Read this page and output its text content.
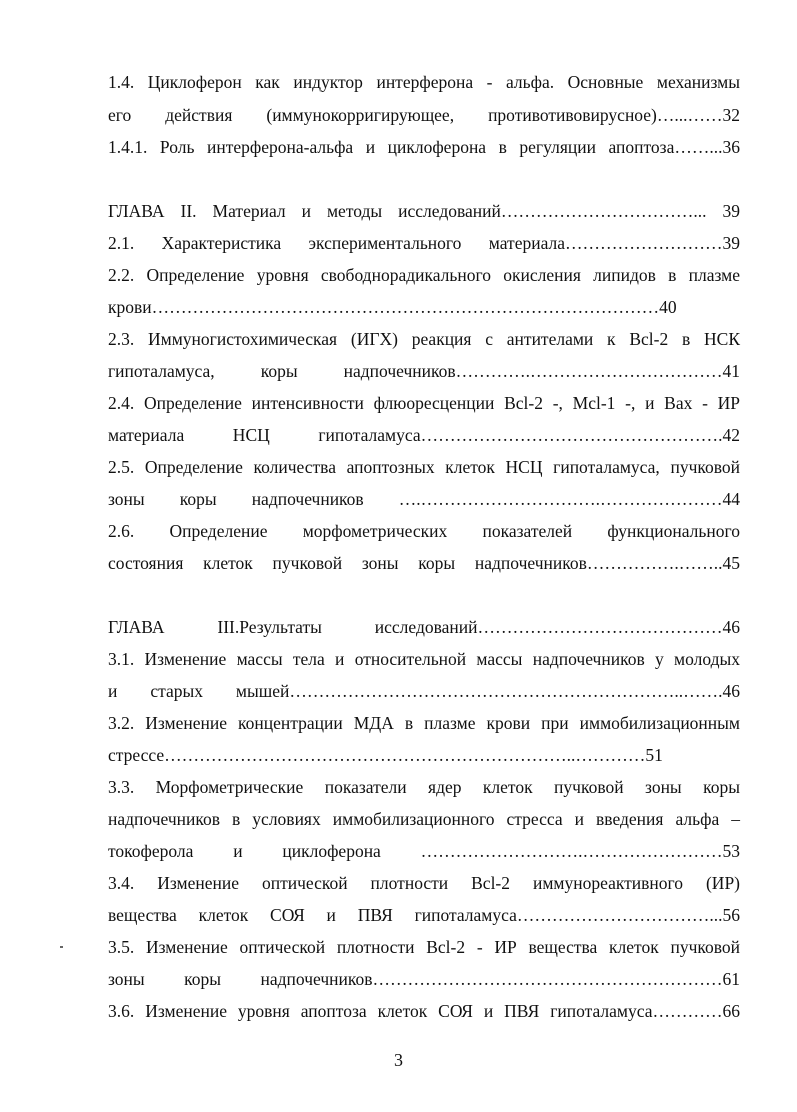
1.4. Циклоферон как индуктор интерферона - альфа. Основные механизмы
его действия (иммунокорригирующее, противотивовирусное)…...……32
1.4.1. Роль интерферона-альфа и циклоферона в регуляции апоптоза……...36
ГЛАВА II. Материал и методы исследований……………………………... 39
2.1. Характеристика экспериментального материала………………………39
2.2. Определение уровня свободнорадикального окисления липидов в плазме
крови……………………………………………………………………………40
2.3. Иммуногистохимическая (ИГХ) реакция с антителами к Bcl-2 в НСК
гипоталамуса, коры надпочечников………….……………………………41
2.4. Определение интенсивности флюоресценции Bcl-2 -, Mcl-1 -, и Bax - ИР
материала НСЦ гипоталамуса…………………………………………….42
2.5. Определение количества апоптозных клеток НСЦ гипоталамуса, пучковой
зоны коры надпочечников ….………………………….…………………44
2.6. Определение морфометрических показателей функционального
состояния клеток пучковой зоны коры надпочечников…………….……..45
ГЛАВА III.Результаты исследований……………………………………46
3.1. Изменение массы тела и относительной массы надпочечников у молодых
и старых мышей…………………………………………………………..…….46
3.2. Изменение концентрации МДА в плазме крови при иммобилизационным
стрессе……………………………………………………………..…………51
3.3. Морфометрические показатели ядер клеток пучковой зоны коры
надпочечников в условиях иммобилизационного стресса и введения альфа –
токоферола и циклоферона ……………………….……………………53
3.4. Изменение оптической плотности Bcl-2 иммунореактивного (ИР)
вещества клеток СОЯ и ПВЯ гипоталамуса……………………………...56
3.5. Изменение оптической плотности Bcl-2 - ИР вещества клеток пучковой
зоны коры надпочечников……………………………………………………61
3.6. Изменение уровня апоптоза клеток СОЯ и ПВЯ гипоталамуса…………66
3
